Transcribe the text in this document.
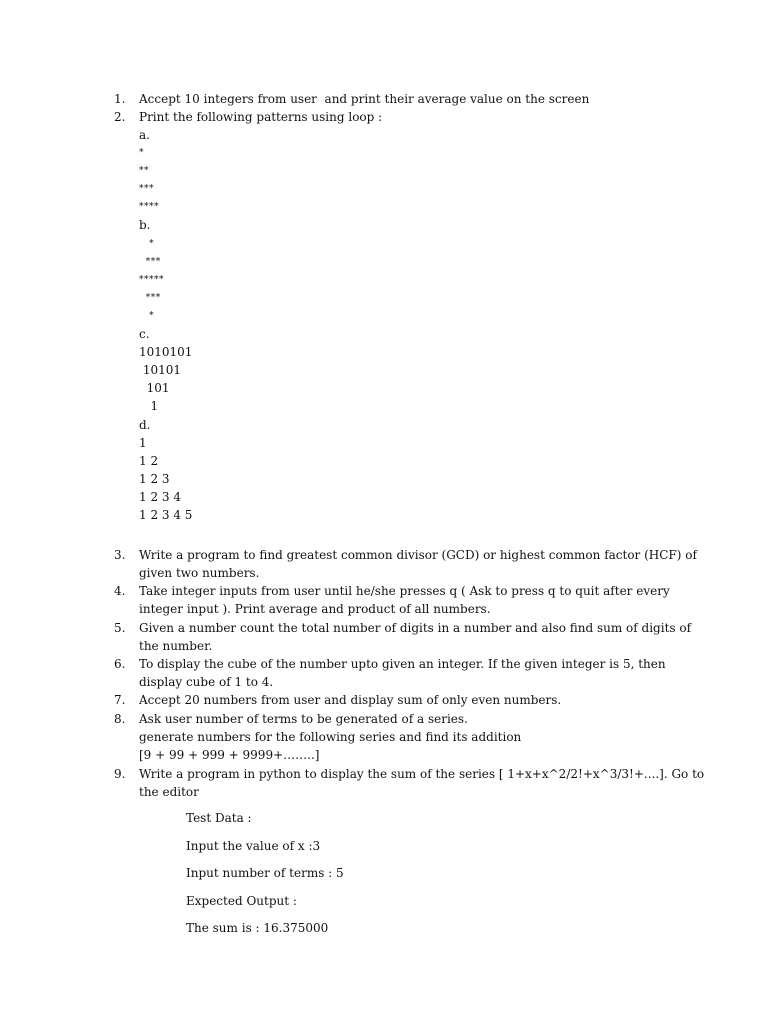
1.	Accept 10 integers from user  and print their average value on the screen

2.	Print the following patterns using loop :

a.

*

**

***

****

b.

*

***

*****

***

*

c.

1010101

10101

101

1

d.

1

1 2

1 2 3

1 2 3 4

1 2 3 4 5

3.	Write a program to find greatest common divisor (GCD) or highest common factor (HCF) of

given two numbers.

4.	Take integer inputs from user until he/she presses q ( Ask to press q to quit after every

integer input ). Print average and product of all numbers.

5.	Given a number count the total number of digits in a number and also find sum of digits of

the number.

6.	To display the cube of the number upto given an integer. If the given integer is 5, then

display cube of 1 to 4.

7.	Accept 20 numbers from user and display sum of only even numbers.

8.	Ask user number of terms to be generated of a series.

generate numbers for the following series and find its addition

[9 + 99 + 999 + 9999+……..]

9.	Write a program in python to display the sum of the series [ 1+x+x^2/2!+x^3/3!+....]. Go to

the editor

Test Data :

Input the value of x :3

Input number of terms : 5

Expected Output :

The sum is : 16.375000
